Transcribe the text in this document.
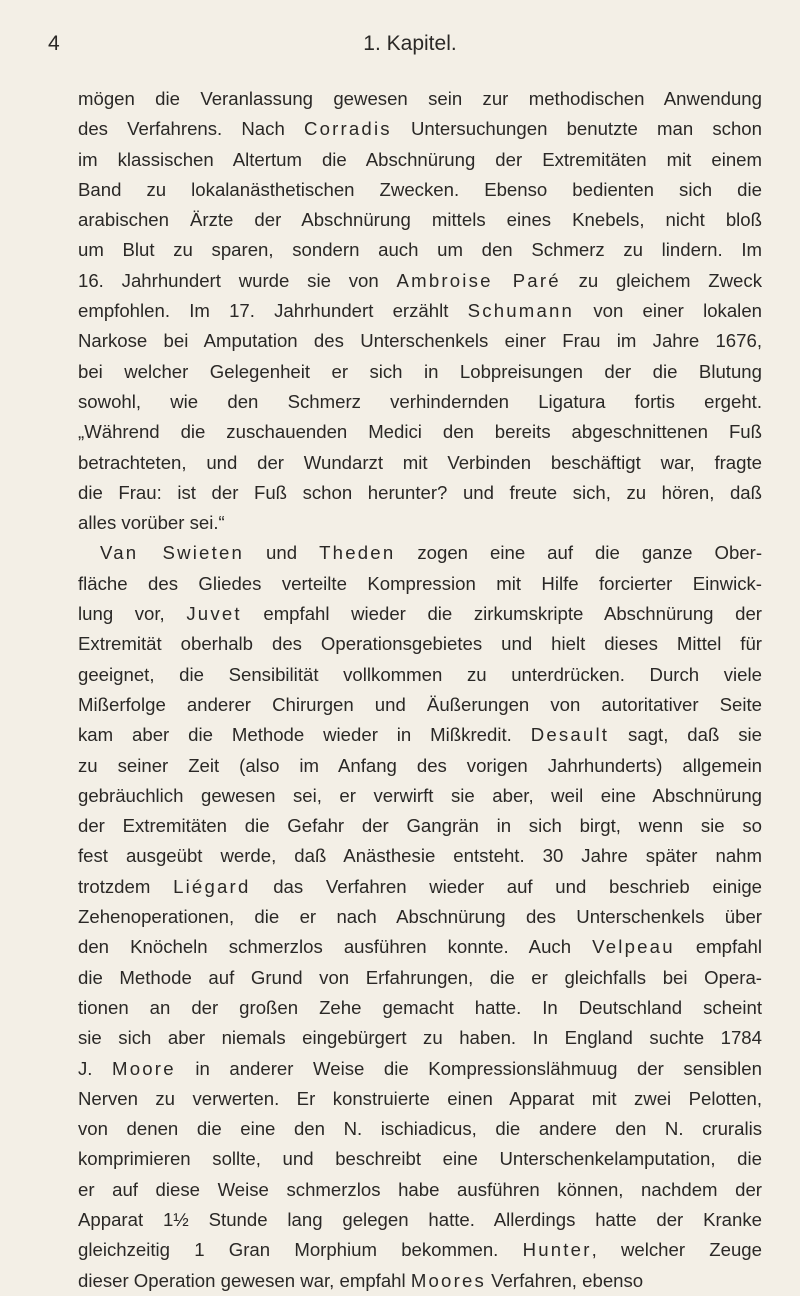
4	1. Kapitel.
mögen die Veranlassung gewesen sein zur methodischen Anwendung
des Verfahrens. Nach Corradis Untersuchungen benutzte man schon
im klassischen Altertum die Abschnürung der Extremitäten mit einem
Band zu lokalanästhetischen Zwecken. Ebenso bedienten sich die
arabischen Ärzte der Abschnürung mittels eines Knebels, nicht bloß
um Blut zu sparen, sondern auch um den Schmerz zu lindern. Im
16. Jahrhundert wurde sie von Ambroise Paré zu gleichem Zweck
empfohlen. Im 17. Jahrhundert erzählt Schumann von einer lokalen
Narkose bei Amputation des Unterschenkels einer Frau im Jahre 1676,
bei welcher Gelegenheit er sich in Lobpreisungen der die Blutung
sowohl, wie den Schmerz verhindernden Ligatura fortis ergeht.
„Während die zuschauenden Medici den bereits abgeschnittenen Fuß
betrachteten, und der Wundarzt mit Verbinden beschäftigt war, fragte
die Frau: ist der Fuß schon herunter? und freute sich, zu hören, daß
alles vorüber sei.“
Van Swieten und Theden zogen eine auf die ganze Ober-
fläche des Gliedes verteilte Kompression mit Hilfe forcierter Einwick-
lung vor, Juvet empfahl wieder die zirkumskripte Abschnürung der
Extremität oberhalb des Operationsgebietes und hielt dieses Mittel für
geeignet, die Sensibilität vollkommen zu unterdrücken. Durch viele
Mißerfolge anderer Chirurgen und Äußerungen von autoritativer Seite
kam aber die Methode wieder in Mißkredit. Desault sagt, daß sie
zu seiner Zeit (also im Anfang des vorigen Jahrhunderts) allgemein
gebräuchlich gewesen sei, er verwirft sie aber, weil eine Abschnürung
der Extremitäten die Gefahr der Gangrän in sich birgt, wenn sie so
fest ausgeübt werde, daß Anästhesie entsteht. 30 Jahre später nahm
trotzdem Liégard das Verfahren wieder auf und beschrieb einige
Zehenoperationen, die er nach Abschnürung des Unterschenkels über
den Knöcheln schmerzlos ausführen konnte. Auch Velpeau empfahl
die Methode auf Grund von Erfahrungen, die er gleichfalls bei Opera-
tionen an der großen Zehe gemacht hatte. In Deutschland scheint
sie sich aber niemals eingebürgert zu haben. In England suchte 1784
J. Moore in anderer Weise die Kompressionslähmuug der sensiblen
Nerven zu verwerten. Er konstruierte einen Apparat mit zwei Pelotten,
von denen die eine den N. ischiadicus, die andere den N. cruralis
komprimieren sollte, und beschreibt eine Unterschenkelamputation, die
er auf diese Weise schmerzlos habe ausführen können, nachdem der
Apparat 1½ Stunde lang gelegen hatte. Allerdings hatte der Kranke
gleichzeitig 1 Gran Morphium bekommen. Hunter, welcher Zeuge
dieser Operation gewesen war, empfahl Moores Verfahren, ebenso
